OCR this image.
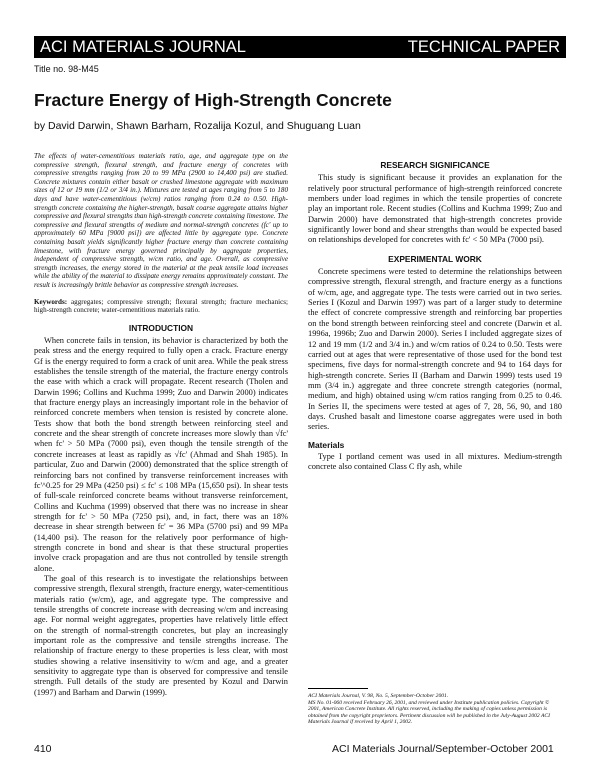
ACI MATERIALS JOURNAL	TECHNICAL PAPER
Title no. 98-M45
Fracture Energy of High-Strength Concrete
by David Darwin, Shawn Barham, Rozalija Kozul, and Shuguang Luan

The effects of water-cementitious materials ratio, age, and aggregate type on the compressive strength, flexural strength, and fracture energy of concretes with compressive strengths ranging from 20 to 99 MPa (2900 to 14,400 psi) are studied. Concrete mixtures contain either basalt or crushed limestone aggregate with maximum sizes of 12 or 19 mm (1/2 or 3/4 in.). Mixtures are tested at ages ranging from 5 to 180 days and have water-cementitious (w/cm) ratios ranging from 0.24 to 0.50. High-strength concrete containing the higher-strength, basalt coarse aggregate attains higher compressive and flexural strengths than high-strength concrete containing limestone. The compressive and flexural strengths of medium and normal-strength concretes (fc' up to approximately 60 MPa [9000 psi]) are affected little by aggregate type. Concrete containing basalt yields significantly higher fracture energy than concrete containing limestone, with fracture energy governed principally by aggregate properties, independent of compressive strength, w/cm ratio, and age. Overall, as compressive strength increases, the energy stored in the material at the peak tensile load increases while the ability of the material to dissipate energy remains approximately constant. The result is increasingly brittle behavior as compressive strength increases.

Keywords: aggregates; compressive strength; flexural strength; fracture mechanics; high-strength concrete; water-cementitious materials ratio.

INTRODUCTION

When concrete fails in tension, its behavior is characterized by both the peak stress and the energy required to fully open a crack. Fracture energy Gf is the energy required to form a crack of unit area. While the peak stress establishes the tensile strength of the material, the fracture energy controls the ease with which a crack will propagate. Recent research (Tholen and Darwin 1996; Collins and Kuchma 1999; Zuo and Darwin 2000) indicates that fracture energy plays an increasingly important role in the behavior of reinforced concrete members when tension is resisted by concrete alone. Tests show that both the bond strength between reinforcing steel and concrete and the shear strength of concrete increases more slowly than √fc' when fc' > 50 MPa (7000 psi), even though the tensile strength of the concrete increases at least as rapidly as √fc' (Ahmad and Shah 1985). In particular, Zuo and Darwin (2000) demonstrated that the splice strength of reinforcing bars not confined by transverse reinforcement increases with fc'^0.25 for 29 MPa (4250 psi) ≤ fc' ≤ 108 MPa (15,650 psi). In shear tests of full-scale reinforced concrete beams without transverse reinforcement, Collins and Kuchma (1999) observed that there was no increase in shear strength for fc' > 50 MPa (7250 psi), and, in fact, there was an 18% decrease in shear strength between fc' = 36 MPa (5700 psi) and 99 MPa (14,400 psi). The reason for the relatively poor performance of high-strength concrete in bond and shear is that these structural properties involve crack propagation and are thus not controlled by tensile strength alone.

The goal of this research is to investigate the relationships between compressive strength, flexural strength, fracture energy, water-cementitious materials ratio (w/cm), age, and aggregate type. The compressive and tensile strengths of concrete increase with decreasing w/cm and increasing age. For normal weight aggregates, properties have relatively little effect on the strength of normal-strength concretes, but play an increasingly important role as the compressive and tensile strengths increase. The relationship of fracture energy to these properties is less clear, with most studies showing a relative insensitivity to w/cm and age, and a greater sensitivity to aggregate type than is observed for compressive and tensile strength. Full details of the study are presented by Kozul and Darwin (1997) and Barham and Darwin (1999).

RESEARCH SIGNIFICANCE

This study is significant because it provides an explanation for the relatively poor structural performance of high-strength reinforced concrete members under load regimes in which the tensile properties of concrete play an important role. Recent studies (Collins and Kuchma 1999; Zuo and Darwin 2000) have demonstrated that high-strength concretes provide significantly lower bond and shear strengths than would be expected based on relationships developed for concretes with fc' < 50 MPa (7000 psi).

EXPERIMENTAL WORK

Concrete specimens were tested to determine the relationships between compressive strength, flexural strength, and fracture energy as a functions of w/cm, age, and aggregate type. The tests were carried out in two series. Series I (Kozul and Darwin 1997) was part of a larger study to determine the effect of concrete compressive strength and reinforcing bar properties on the bond strength between reinforcing steel and concrete (Darwin et al. 1996a, 1996b; Zuo and Darwin 2000). Series I included aggregate sizes of 12 and 19 mm (1/2 and 3/4 in.) and w/cm ratios of 0.24 to 0.50. Tests were carried out at ages that were representative of those used for the bond test specimens, five days for normal-strength concrete and 94 to 164 days for high-strength concrete. Series II (Barham and Darwin 1999) tests used 19 mm (3/4 in.) aggregate and three concrete strength categories (normal, medium, and high) obtained using w/cm ratios ranging from 0.25 to 0.46. In Series II, the specimens were tested at ages of 7, 28, 56, 90, and 180 days. Crushed basalt and limestone coarse aggregates were used in both series.

Materials

Type I portland cement was used in all mixtures. Medium-strength concrete also contained Class C fly ash, while

ACI Materials Journal, V. 98, No. 5, September-October 2001.
MS No. 01-060 received February 26, 2001, and reviewed under Institute publication policies. Copyright © 2001, American Concrete Institute. All rights reserved, including the making of copies unless permission is obtained from the copyright proprietors. Pertinent discussion will be published in the July-August 2002 ACI Materials Journal if received by April 1, 2002.
410	ACI Materials Journal/September-October 2001
